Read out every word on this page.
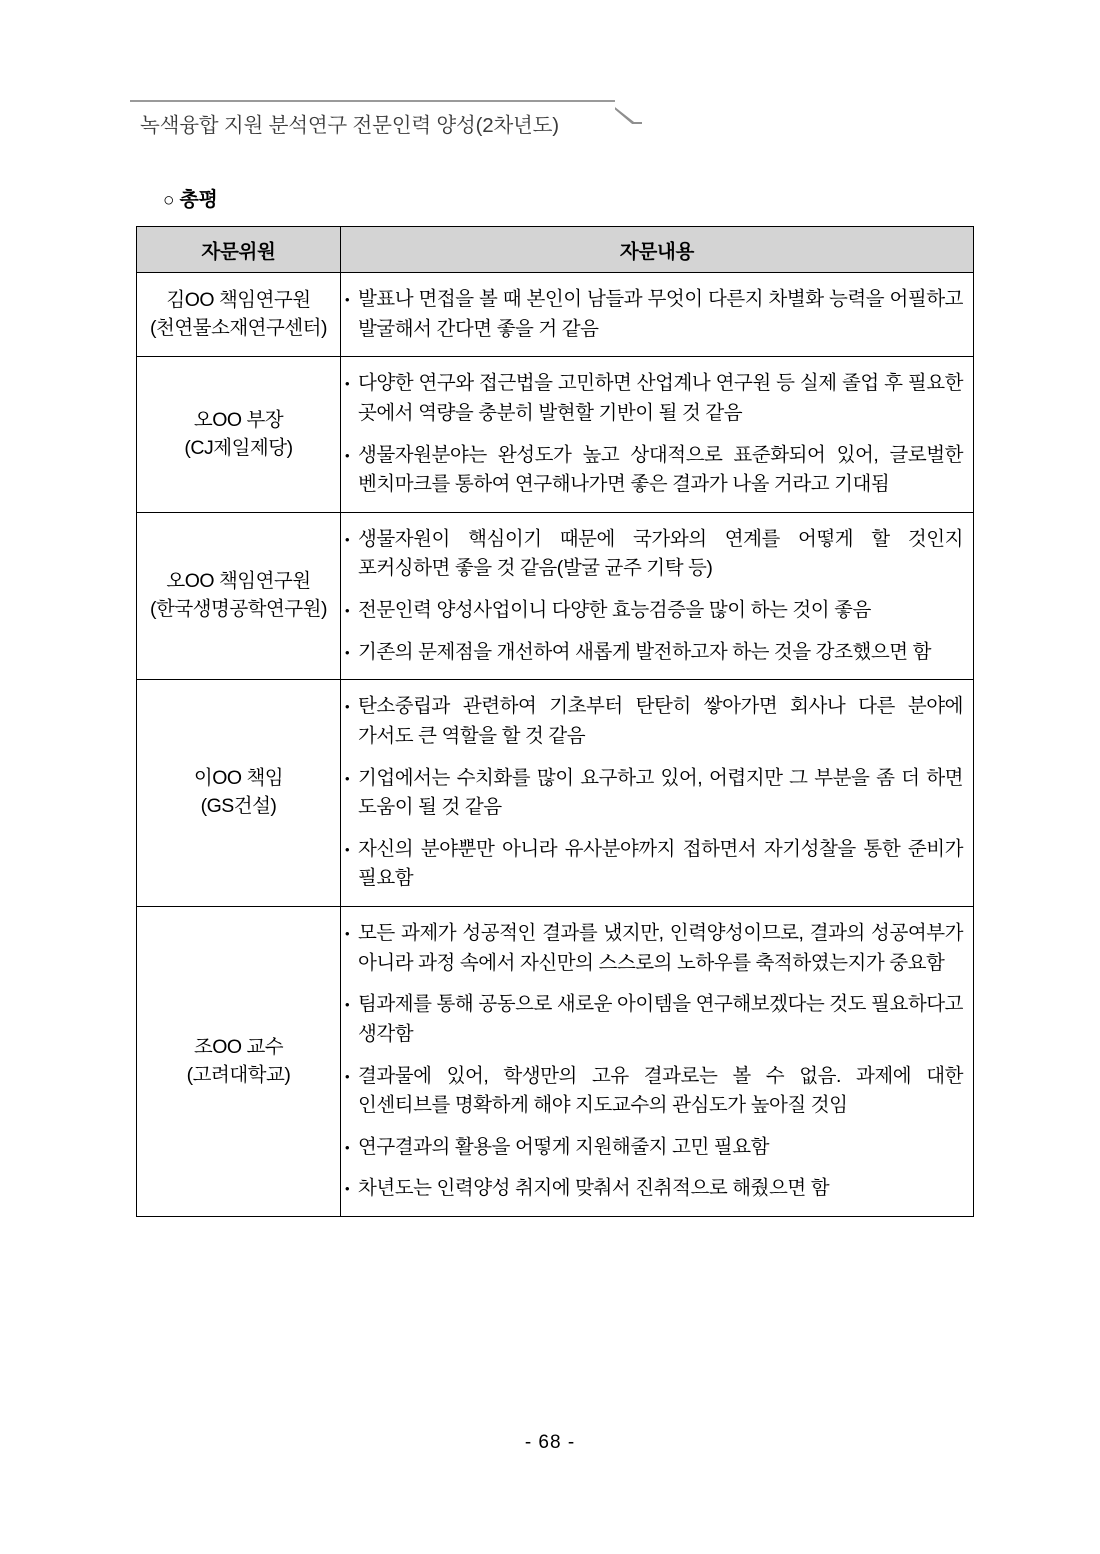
녹색융합 지원 분석연구 전문인력 양성(2차년도)
○ 총평
자문위원	자문내용

김OO 책임연구원
(천연물소재연구센터)

• 발표나 면접을 볼 때 본인이 남들과 무엇이 다른지 차별화 능력을 어필하고 발굴해서 간다면 좋을 거 같음

오OO 부장
(CJ제일제당)

• 다양한 연구와 접근법을 고민하면 산업계나 연구원 등 실제 졸업 후 필요한 곳에서 역량을 충분히 발현할 기반이 될 것 같음
• 생물자원분야는 완성도가 높고 상대적으로 표준화되어 있어, 글로벌한 벤치마크를 통하여 연구해나가면 좋은 결과가 나올 거라고 기대됨

오OO 책임연구원
(한국생명공학연구원)

• 생물자원이 핵심이기 때문에 국가와의 연계를 어떻게 할 것인지 포커싱하면 좋을 것 같음(발굴 균주 기탁 등)
• 전문인력 양성사업이니 다양한 효능검증을 많이 하는 것이 좋음
• 기존의 문제점을 개선하여 새롭게 발전하고자 하는 것을 강조했으면 함

이OO 책임
(GS건설)

• 탄소중립과 관련하여 기초부터 탄탄히 쌓아가면 회사나 다른 분야에 가서도 큰 역할을 할 것 같음
• 기업에서는 수치화를 많이 요구하고 있어, 어렵지만 그 부분을 좀 더 하면 도움이 될 것 같음
• 자신의 분야뿐만 아니라 유사분야까지 접하면서 자기성찰을 통한 준비가 필요함

조OO 교수
(고려대학교)

• 모든 과제가 성공적인 결과를 냈지만, 인력양성이므로, 결과의 성공여부가 아니라 과정 속에서 자신만의 스스로의 노하우를 축적하였는지가 중요함
• 팀과제를 통해 공동으로 새로운 아이템을 연구해보겠다는 것도 필요하다고 생각함
• 결과물에 있어, 학생만의 고유 결과로는 볼 수 없음. 과제에 대한 인센티브를 명확하게 해야 지도교수의 관심도가 높아질 것임
• 연구결과의 활용을 어떻게 지원해줄지 고민 필요함
• 차년도는 인력양성 취지에 맞춰서 진취적으로 해줬으면 함
- 68 -
